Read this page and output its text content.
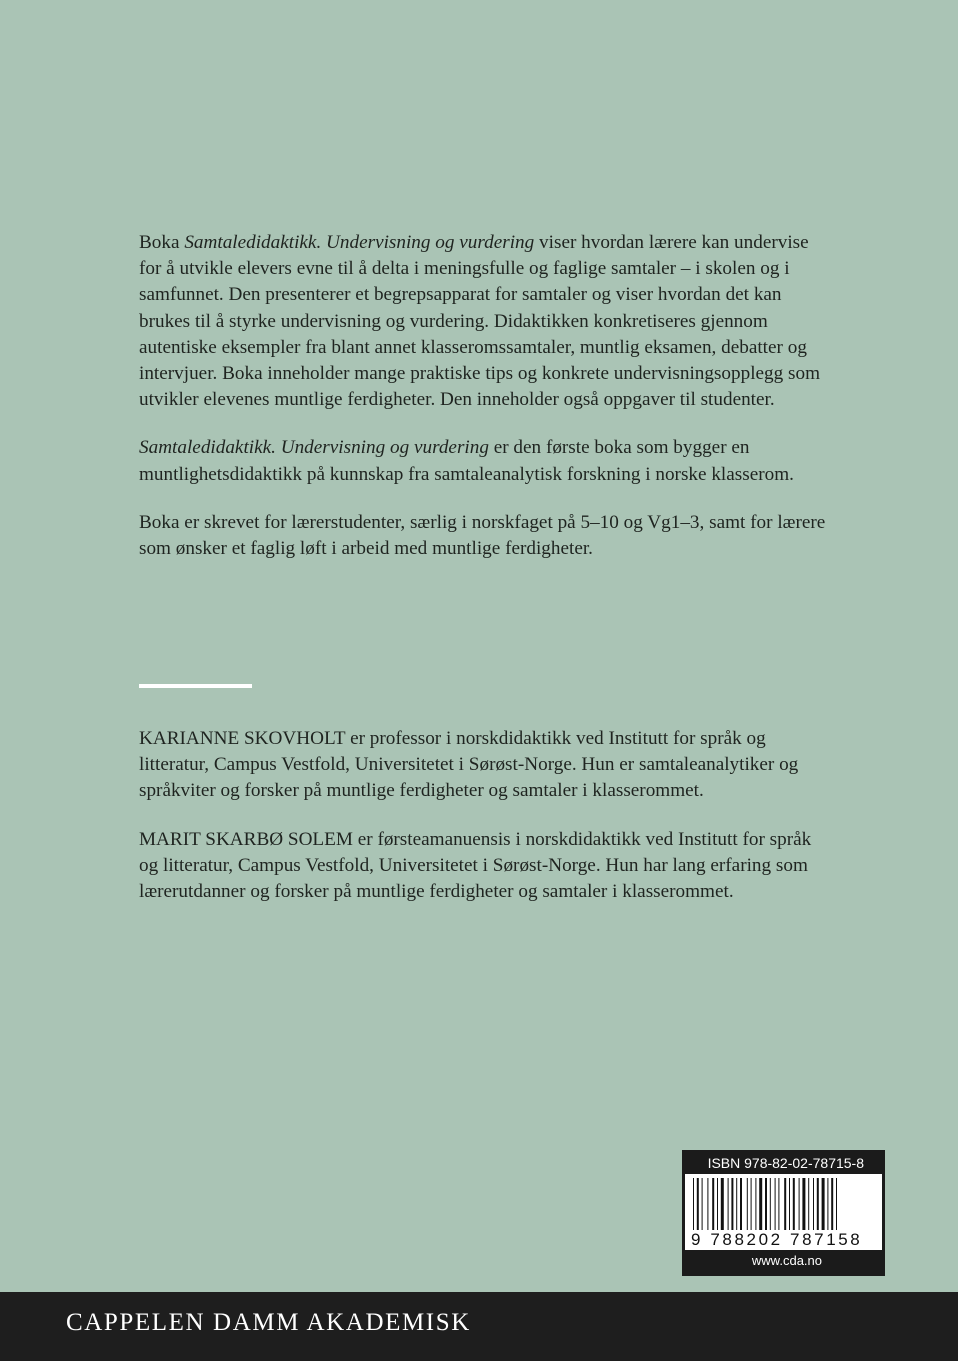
Boka Samtaledidaktikk. Undervisning og vurdering viser hvordan lærere kan undervise for å utvikle elevers evne til å delta i meningsfulle og faglige samtaler – i skolen og i samfunnet. Den presenterer et begrepsapparat for samtaler og viser hvordan det kan brukes til å styrke undervisning og vurdering. Didaktikken konkretiseres gjennom autentiske eksempler fra blant annet klasseromssamtaler, muntlig eksamen, debatter og intervjuer. Boka inneholder mange praktiske tips og konkrete undervisningsopplegg som utvikler elevenes muntlige ferdigheter. Den inneholder også oppgaver til studenter.

Samtaledidaktikk. Undervisning og vurdering er den første boka som bygger en muntlighetsdidaktikk på kunnskap fra samtaleanalytisk forskning i norske klasserom.

Boka er skrevet for lærerstudenter, særlig i norskfaget på 5–10 og Vg1–3, samt for lærere som ønsker et faglig løft i arbeid med muntlige ferdigheter.

KARIANNE SKOVHOLT er professor i norskdidaktikk ved Institutt for språk og litteratur, Campus Vestfold, Universitetet i Sørøst-Norge. Hun er samtaleanalytiker og språkviter og forsker på muntlige ferdigheter og samtaler i klasserommet.

MARIT SKARBØ SOLEM er førsteamanuensis i norskdidaktikk ved Institutt for språk og litteratur, Campus Vestfold, Universitetet i Sørøst-Norge. Hun har lang erfaring som lærerutdanner og forsker på muntlige ferdigheter og samtaler i klasserommet.

ISBN 978-82-02-78715-8
9 788202 787158
www.cda.no
CAPPELEN DAMM AKADEMISK
